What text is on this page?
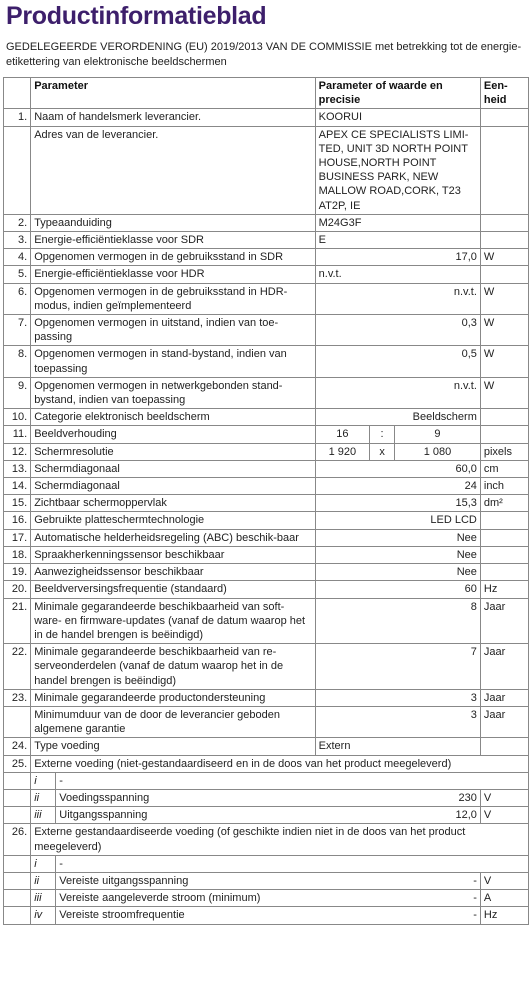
Productinformatieblad
GEDELEGEERDE VERORDENING (EU) 2019/2013 VAN DE COMMISSIE met betrekking tot de energie-etikettering van elektronische beeldschermen
	Parameter		Parameter of waarde en precisie			Een-heid
1.	Naam of handelsmerk leverancier.		KOORUI			
	Adres van de leverancier.		APEX CE SPECIALISTS LIMI-TED, UNIT 3D NORTH POINT HOUSE,NORTH POINT BUSINESS PARK, NEW MALLOW ROAD,CORK, T23 AT2P, IE			
2.	Typeaanduiding		M24G3F			
3.	Energie-efficiëntieklasse voor SDR		E			
4.	Opgenomen vermogen in de gebruiksstand in SDR		17,0			W
5.	Energie-efficiëntieklasse voor HDR		n.v.t.			
6.	Opgenomen vermogen in de gebruiksstand in HDR-modus, indien geïmplementeerd		n.v.t.			W
7.	Opgenomen vermogen in uitstand, indien van toe-passing		0,3			W
8.	Opgenomen vermogen in stand-bystand, indien van toepassing		0,5			W
9.	Opgenomen vermogen in netwerkgebonden stand-bystand, indien van toepassing		n.v.t.			W
10.	Categorie elektronisch beeldscherm		Beeldscherm			
11.	Beeldverhouding		16	:	9	
12.	Schermresolutie		1 920	x	1 080	pixels
13.	Schermdiagonaal		60,0			cm
14.	Schermdiagonaal		24			inch
15.	Zichtbaar schermoppervlak		15,3			dm²
16.	Gebruikte platteschermtechnologie		LED LCD			
17.	Automatische helderheidsregeling (ABC) beschik-baar		Nee			
18.	Spraakherkenningssensor beschikbaar		Nee			
19.	Aanwezigheidssensor beschikbaar		Nee			
20.	Beeldverversingsfrequentie (standaard)		60			Hz
21.	Minimale gegarandeerde beschikbaarheid van soft-ware- en firmware-updates (vanaf de datum waarop het in de handel brengen is beëindigd)		8			Jaar
22.	Minimale gegarandeerde beschikbaarheid van re-serveonderdelen (vanaf de datum waarop het in de handel brengen is beëindigd)		7			Jaar
23.	Minimale gegarandeerde productondersteuning		3			Jaar
	Minimumduur van de door de leverancier geboden algemene garantie		3			Jaar
24.	Type voeding		Extern			
25.	Externe voeding (niet-gestandaardiseerd en in de doos van het product meegeleverd)					
	i	-				
	ii	Voedingsspanning 230				V
	iii	Uitgangsspanning 12,0				V
26.	Externe gestandaardiseerde voeding (of geschikte indien niet in de doos van het product meegeleverd)					
	i	-				
	ii	Vereiste uitgangsspanning -				V
	iii	Vereiste aangeleverde stroom (minimum) -				A
	iv	Vereiste stroomfrequentie -				Hz
